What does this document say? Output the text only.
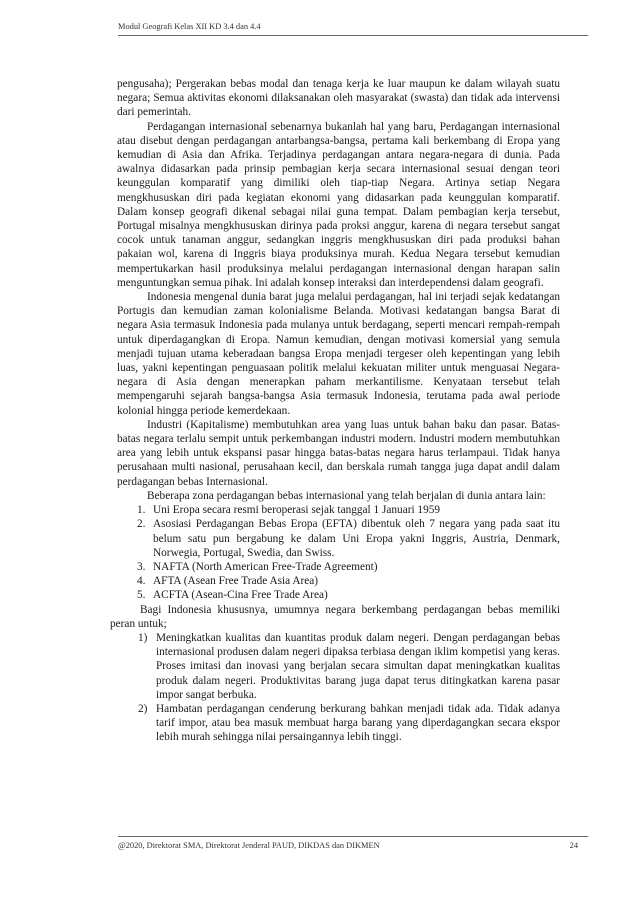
Modul Geografi Kelas XII KD 3.4 dan 4.4

pengusaha); Pergerakan bebas modal dan tenaga kerja ke luar maupun ke dalam wilayah suatu negara; Semua aktivitas ekonomi dilaksanakan oleh masyarakat (swasta) dan tidak ada intervensi dari pemerintah.

Perdagangan internasional sebenarnya bukanlah hal yang baru, Perdagangan internasional atau disebut dengan perdagangan antarbangsa-bangsa, pertama kali berkembang di Eropa yang kemudian di Asia dan Afrika. Terjadinya perdagangan antara negara-negara di dunia. Pada awalnya didasarkan pada prinsip pembagian kerja secara internasional sesuai dengan teori keunggulan komparatif yang dimiliki oleh tiap-tiap Negara. Artinya setiap Negara mengkhususkan diri pada kegiatan ekonomi yang didasarkan pada keunggulan komparatif. Dalam konsep geografi dikenal sebagai nilai guna tempat. Dalam pembagian kerja tersebut, Portugal misalnya mengkhususkan dirinya pada proksi anggur, karena di negara tersebut sangat cocok untuk tanaman anggur, sedangkan inggris mengkhususkan diri pada produksi bahan pakaian wol, karena di Inggris biaya produksinya murah. Kedua Negara tersebut kemudian mempertukarkan hasil produksinya melalui perdagangan internasional dengan harapan salin menguntungkan semua pihak. Ini adalah konsep interaksi dan interdependensi dalam geografi.

Indonesia mengenal dunia barat juga melalui perdagangan, hal ini terjadi sejak kedatangan Portugis dan kemudian zaman kolonialisme Belanda. Motivasi kedatangan bangsa Barat di negara Asia termasuk Indonesia pada mulanya untuk berdagang, seperti mencari rempah-rempah untuk diperdagangkan di Eropa. Namun kemudian, dengan motivasi komersial yang semula menjadi tujuan utama keberadaan bangsa Eropa menjadi tergeser oleh kepentingan yang lebih luas, yakni kepentingan penguasaan politik melalui kekuatan militer untuk menguasai Negara-negara di Asia dengan menerapkan paham merkantilisme. Kenyataan tersebut telah mempengaruhi sejarah bangsa-bangsa Asia termasuk Indonesia, terutama pada awal periode kolonial hingga periode kemerdekaan.

Industri (Kapitalisme) membutuhkan area yang luas untuk bahan baku dan pasar. Batas-batas negara terlalu sempit untuk perkembangan industri modern. Industri modern membutuhkan area yang lebih untuk ekspansi pasar hingga batas-batas negara harus terlampaui. Tidak hanya perusahaan multi nasional, perusahaan kecil, dan berskala rumah tangga juga dapat andil dalam perdagangan bebas Internasional.

Beberapa zona perdagangan bebas internasional yang telah berjalan di dunia antara lain:

1. Uni Eropa secara resmi beroperasi sejak tanggal 1 Januari 1959
2. Asosiasi Perdagangan Bebas Eropa (EFTA) dibentuk oleh 7 negara yang pada saat itu belum satu pun bergabung ke dalam Uni Eropa yakni Inggris, Austria, Denmark, Norwegia, Portugal, Swedia, dan Swiss.
3. NAFTA (North American Free-Trade Agreement)
4. AFTA (Asean Free Trade Asia Area)
5. ACFTA (Asean-Cina Free Trade Area)

Bagi Indonesia khususnya, umumnya negara berkembang perdagangan bebas memiliki peran untuk;

1) Meningkatkan kualitas dan kuantitas produk dalam negeri. Dengan perdagangan bebas internasional produsen dalam negeri dipaksa terbiasa dengan iklim kompetisi yang keras. Proses imitasi dan inovasi yang berjalan secara simultan dapat meningkatkan kualitas produk dalam negeri. Produktivitas barang juga dapat terus ditingkatkan karena pasar impor sangat berbuka.
2) Hambatan perdagangan cenderung berkurang bahkan menjadi tidak ada. Tidak adanya tarif impor, atau bea masuk membuat harga barang yang diperdagangkan secara ekspor lebih murah sehingga nilai persaingannya lebih tinggi.
@2020, Direktorat SMA, Direktorat Jenderal PAUD, DIKDAS dan DIKMEN	24
